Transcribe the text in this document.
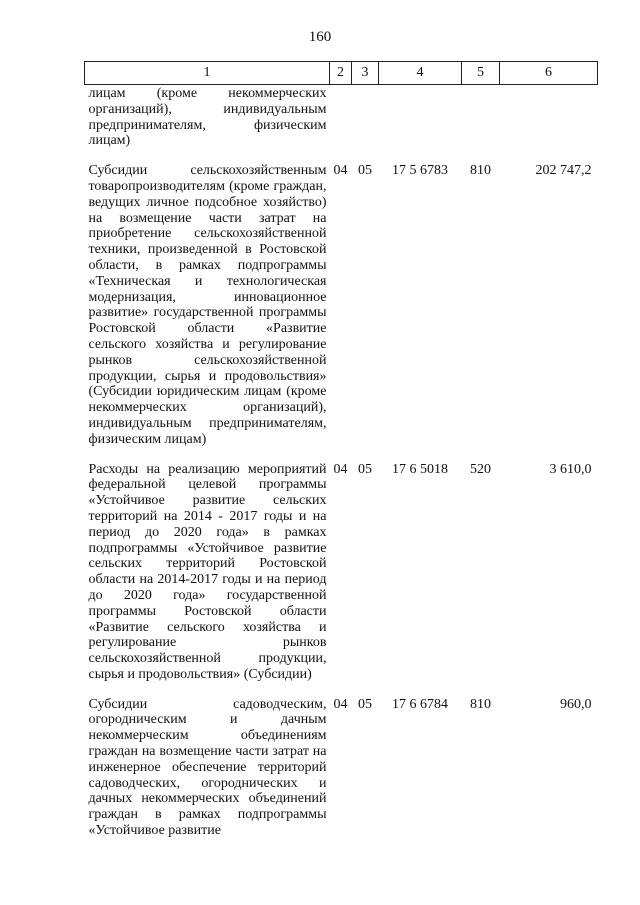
160
1	2	3	4	5	6
лицам (кроме некоммерческих организаций), индивидуальным предпринимателям, физическим лицам)					
Субсидии сельскохозяйственным товаропроизводителям (кроме граждан, ведущих личное подсобное хозяйство) на возмещение части затрат на приобретение сельскохозяйственной техники, произведенной в Ростовской области, в рамках подпрограммы «Техническая и технологическая модернизация, инновационное развитие» государственной программы Ростовской области «Развитие сельского хозяйства и регулирование рынков сельскохозяйственной продукции, сырья и продовольствия» (Субсидии юридическим лицам (кроме некоммерческих организаций), индивидуальным предпринимателям, физическим лицам)	04	05	17 5 6783	810	202 747,2
Расходы на реализацию мероприятий федеральной целевой программы «Устойчивое развитие сельских территорий на 2014 - 2017 годы и на период до 2020 года» в рамках подпрограммы «Устойчивое развитие сельских территорий Ростовской области на 2014-2017 годы и на период до 2020 года» государственной программы Ростовской области «Развитие сельского хозяйства и регулирование рынков сельскохозяйственной продукции, сырья и продовольствия» (Субсидии)	04	05	17 6 5018	520	3 610,0
Субсидии садоводческим, огородническим и дачным некоммерческим объединениям граждан на возмещение части затрат на инженерное обеспечение территорий садоводческих, огороднических и дачных некоммерческих объединений граждан в рамках подпрограммы «Устойчивое развитие	04	05	17 6 6784	810	960,0
